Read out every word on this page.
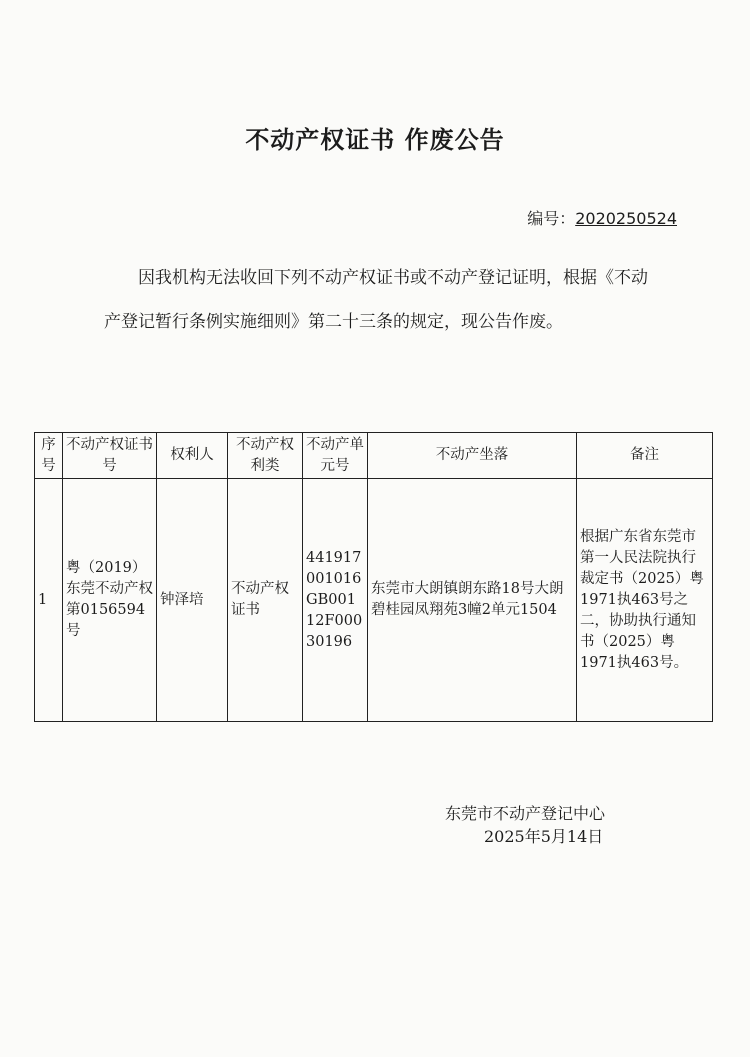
不动产权证书 作废公告
编号：2020250524

因我机构无法收回下列不动产权证书或不动产登记证明，根据《不动产登记暂行条例实施细则》第二十三条的规定，现公告作废。

序号	不动产权证书号	权利人	不动产权利类	不动产单元号	不动产坐落	备注
1	粤（2019）东莞不动产权第0156594号	钟泽培	不动产权证书	441917001016GB00112F00030196	东莞市大朗镇朗东路18号大朗碧桂园凤翔苑3幢2单元1504	根据广东省东莞市第一人民法院执行裁定书（2025）粤1971执463号之二，协助执行通知书（2025）粤1971执463号。
东莞市不动产登记中心
2025年5月14日
